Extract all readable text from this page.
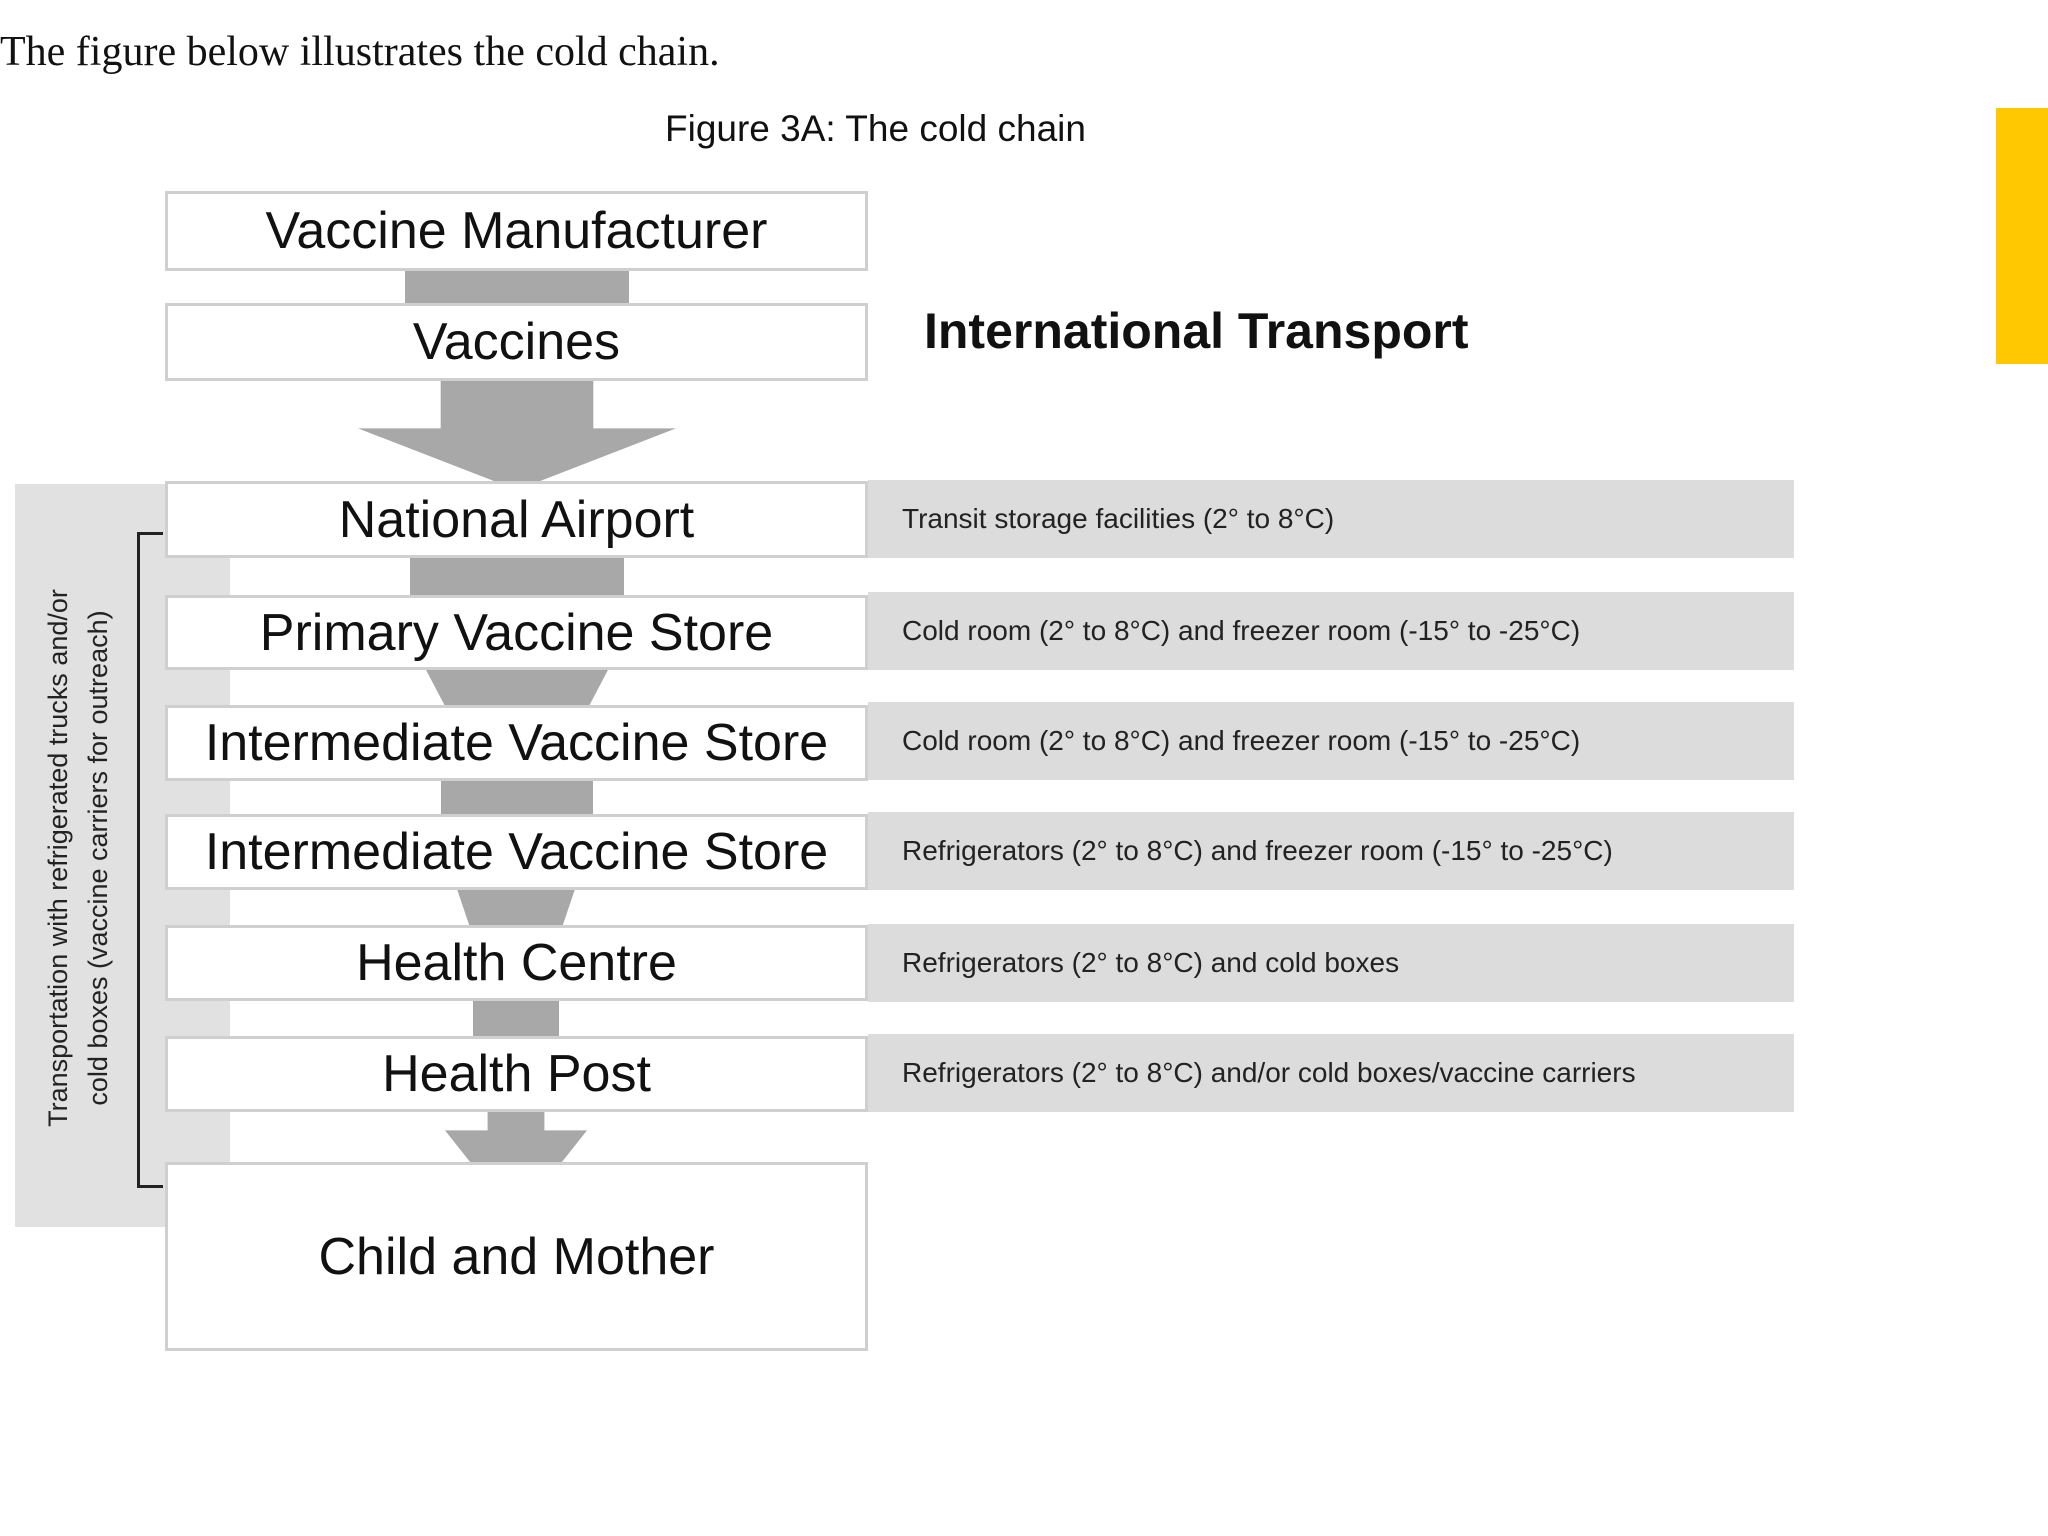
The figure below illustrates the cold chain.
Figure 3A: The cold chain
Vaccine Manufacturer
Vaccines
National Airport
Primary Vaccine Store
Intermediate Vaccine Store
Intermediate Vaccine Store
Health Centre
Health Post
Child and Mother
International Transport
Transit storage facilities (2° to 8°C)
Cold room (2° to 8°C) and freezer room (-15° to -25°C)
Cold room (2° to 8°C) and freezer room (-15° to -25°C)
Refrigerators (2° to 8°C) and freezer room (-15° to -25°C)
Refrigerators (2° to 8°C) and cold boxes
Refrigerators (2° to 8°C) and/or cold boxes/vaccine carriers
Transportation with refrigerated trucks and/or cold boxes (vaccine carriers for outreach)
